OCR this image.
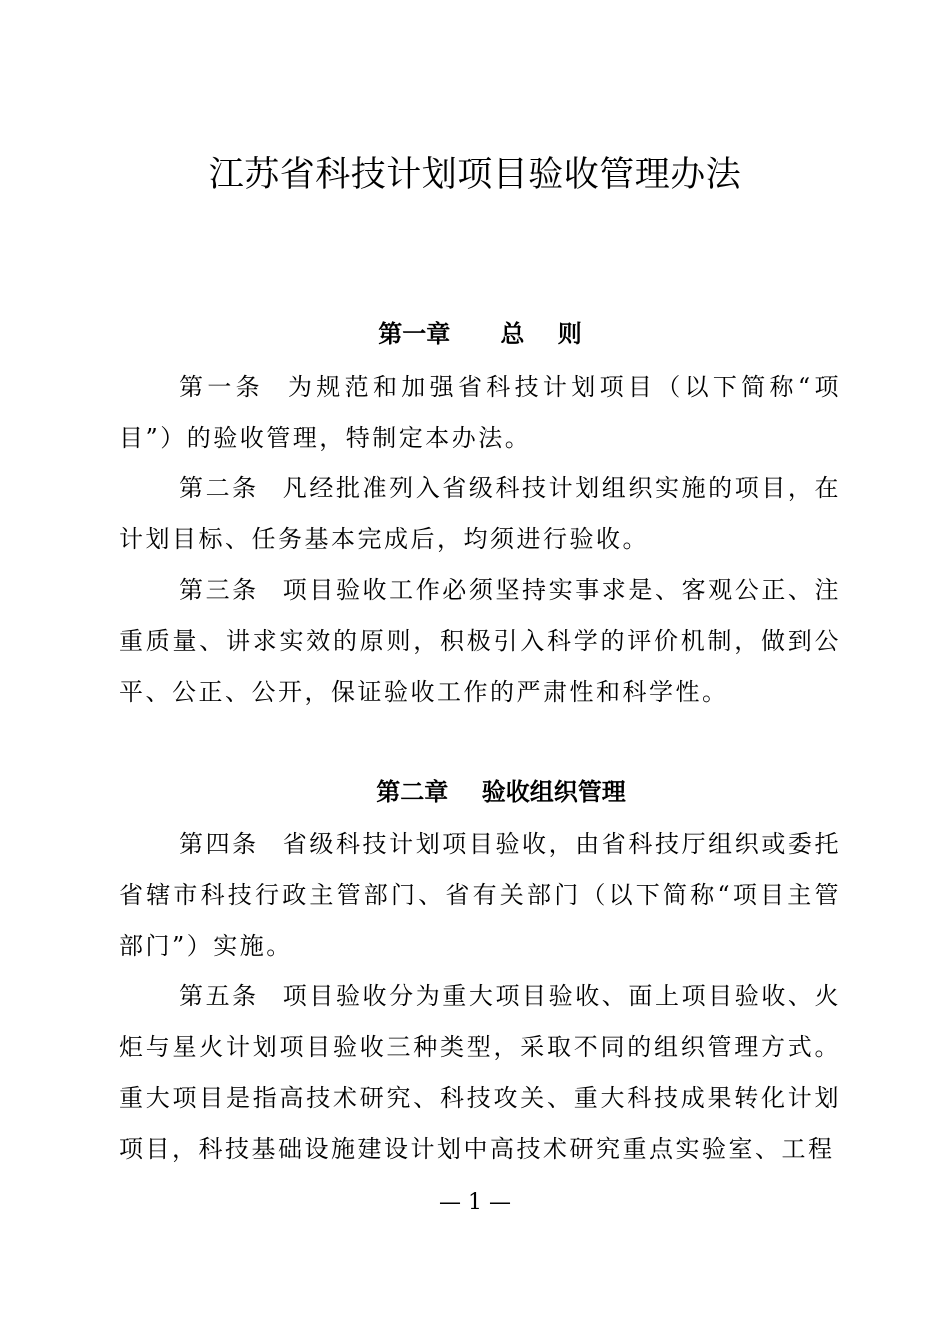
江苏省科技计划项目验收管理办法
第一章      总    则

第一条 为规范和加强省科技计划项目（以下简称“项目”）的验收管理，特制定本办法。

第二条 凡经批准列入省级科技计划组织实施的项目，在计划目标、任务基本完成后，均须进行验收。

第三条 项目验收工作必须坚持实事求是、客观公正、注重质量、讲求实效的原则，积极引入科学的评价机制，做到公平、公正、公开，保证验收工作的严肃性和科学性。

第二章    验收组织管理

第四条 省级科技计划项目验收，由省科技厅组织或委托省辖市科技行政主管部门、省有关部门（以下简称“项目主管部门”）实施。

第五条 项目验收分为重大项目验收、面上项目验收、火炬与星火计划项目验收三种类型，采取不同的组织管理方式。重大项目是指高技术研究、科技攻关、重大科技成果转化计划项目，科技基础设施建设计划中高技术研究重点实验室、工程

— 1 —
